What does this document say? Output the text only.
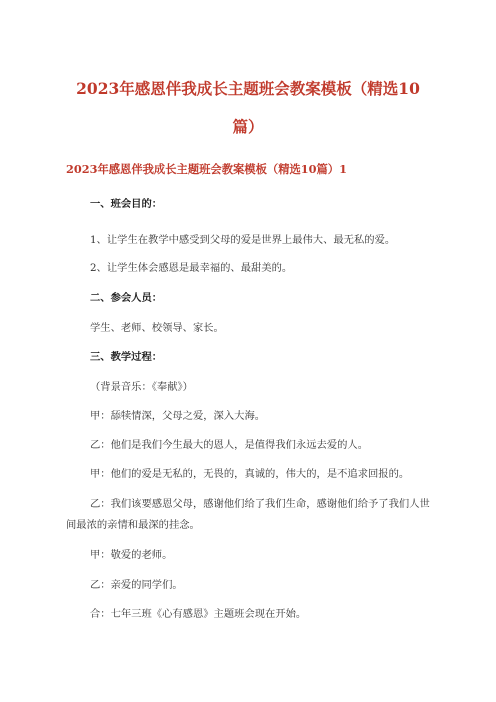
2023年感恩伴我成长主题班会教案模板（精选10
篇）
2023年感恩伴我成长主题班会教案模板（精选10篇）1

一、班会目的：

1、让学生在教学中感受到父母的爱是世界上最伟大、最无私的爱。

2、让学生体会感恩是最幸福的、最甜美的。

二、参会人员：

学生、老师、校领导、家长。

三、教学过程：

（背景音乐：《奉献》）

甲：舔犊情深，父母之爱，深入大海。

乙：他们是我们今生最大的恩人，是值得我们永远去爱的人。

甲：他们的爱是无私的，无畏的，真诚的，伟大的，是不追求回报的。

乙：我们该要感恩父母，感谢他们给了我们生命，感谢他们给予了我们人世

间最浓的亲情和最深的挂念。

甲：敬爱的老师。

乙：亲爱的同学们。

合：七年三班《心有感恩》主题班会现在开始。
